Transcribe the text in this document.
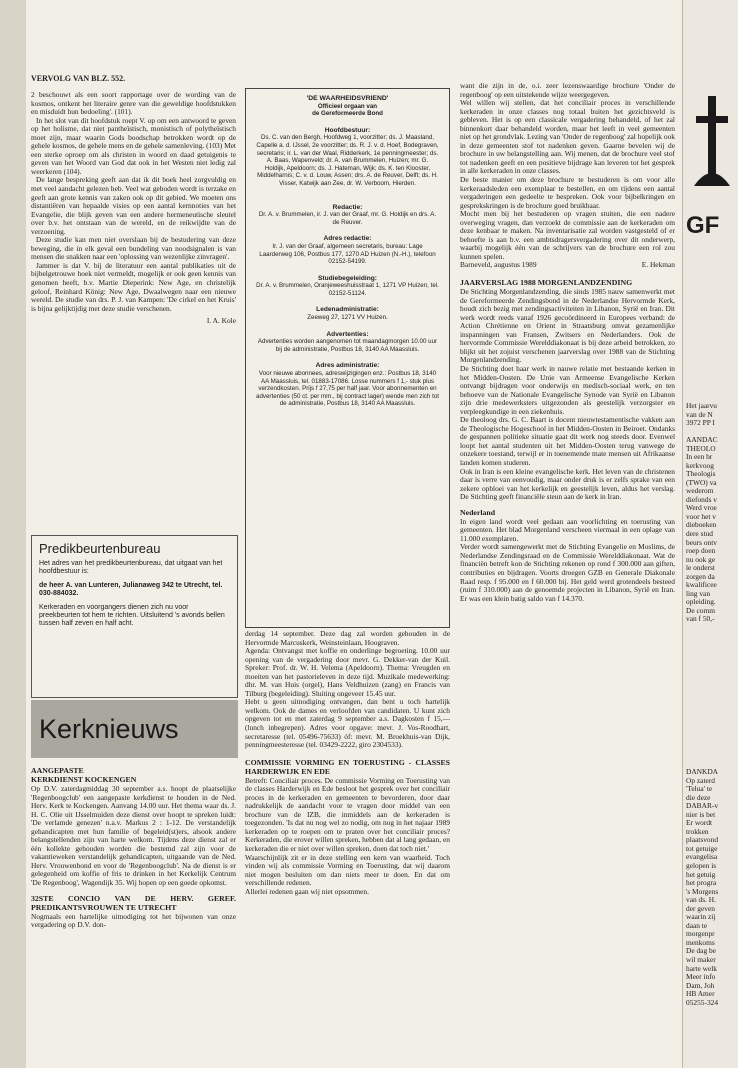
VERVOLG VAN BLZ. 552.

2 beschouwt als een soort rapportage over de wording van de kosmos, ontkent het literaire genre van die geweldige hoofdstukken en misduidt hun bedoeling'. (101).

In het slot van dit hoofdstuk roept V. op om een antwoord te geven op het holisme, dat niet pantheïstisch, monistisch of polytheïstisch moet zijn, maar waarin Gods boodschap betrokken wordt op de gehele kosmos, de gehele mens en de gehele samenleving. (103) Met een sterke oproep om als christen in woord en daad getuigenis te geven van het Woord van God dat ook in het Westen niet ledig zal weerkeren (104).

De lange bespreking geeft aan dat ik dit boek heel zorgvuldig en met veel aandacht gelezen heb. Veel wat geboden wordt is terzake en geeft aan grote kennis van zaken ook op dit gebied. We moeten ons distantiëren van hepaalde visies op een aantal kernnoties van het Evangelie, die blijk geven van een andere hermeneutische sleutel over b.v. het ontstaan van de wereld, en de reikwijdte van de verzoening.

Deze studie kan men niet overslaan bij de bestudering van deze beweging, die in elk geval een bundeling van noodsignalen is van mensen die snakken naar een 'oplossing van wezenlijke zinvragen'.

Jammer is dat V. bij de literatuur een aantal publikaties uit de bijbelgetrouwe hoek niet vermeldt, mogelijk er ook geen kennis van genomen heeft, b.v. Martie Dieperink: New Age, en christelijk geloof, Reinhard König: New Age, Dwaalwegen naar een nieuwe wereld. De studie van drs. P. J. van Kampen: 'De cirkel en het Kruis' is bijna gelijktijdig met deze studie verschenen.

I. A. Kole
Predikbeurtenbureau
Het adres van het predikbeurtenbureau, dat uitgaat van het hoofdbestuur is:
de heer A. van Lunteren, Julianaweg 342 te Utrecht, tel. 030-884032.
Kerkeraden en voorgangers dienen zich nu voor preekbeurten tot hem te richten. Uitsluitend 's avonds bellen tussen half zeven en half acht.
Kerknieuws
AANGEPASTE
KERKDIENST KOCKENGEN

Op D.V. zaterdagmiddag 30 september a.s. hoopt de plaatselijke 'Regenboogclub' een aangepaste kerkdienst te houden in de Ned. Herv. Kerk te Kockengen. Aanvang 14.00 uur. Het thema waar ds. J. H. C. Olie uit IJsselmuiden deze dienst over hoopt te spreken luidt: 'De verlamde genezen' n.a.v. Markus 2 : 1-12. De verstandelijk gehandicapten met hun familie of begeleid(st)ers, alsook andere belangstellenden zijn van harte welkom. Tijdens deze dienst zal er één kollekte gehouden worden die bestemd zal zijn voor de vakantieweken verstandelijk gehandicapten, uitgaande van de Ned. Herv. Vrouwenbond en voor de 'Regenboogclub'. Na de dienst is er gelegenheid om koffie of fris te drinken in het Kerkelijk Centrum 'De Regenboog', Wagendijk 35. Wij hopen op een goede opkomst.

32STE CONCIO VAN DE HERV. GEREF. PREDIKANTSVROUWEN TE UTRECHT

Nogmaals een hartelijke uitnodiging tot het bijwonen van onze vergadering op D.V. don-

'DE WAARHEIDSVRIEND'
Officieel orgaan van
de Gereformeerde Bond
Hoofdbestuur:
Ds. C. van den Bergh, Hoofdweg 1, voorzitter; ds. J. Maasland, Capelle a. d. IJssel, 2e voorzitter; ds. R. J. v. d. Hoef, Bodegraven, secretaris; ir. L. van der Waal, Ridderkerk, 1e penningmeester; ds. A. Baas, Wapenveld; dr. A. van Brummelen, Huizen; mr. G. Holdijk, Apeldoorn; ds. J. Hateman, Wijk; ds. K. ten Klooster, Middelharnis; C. v. d. Louw, Assen; drs. A. de Reuver, Delft; ds. H. Visser, Katwijk aan Zee, dr. W. Verboom, Hierden.
Redactie:
Dr. A. v. Brummelen, ir. J. van der Graaf, mr. G. Holdijk en drs. A. de Reuver.
Adres redactie:
Ir. J. van der Graaf, algemeen secretaris, bureau: Lage Laarderweg 106, Postbus 177, 1270 AD Huizen (N.-H.), telefoon 02152-54199.
Studiebegeleiding:
Dr. A. v. Brummelen, Oranjeweeshuisstraat 1, 1271 VP Huizen, tel. 02152-51124.
Ledenadministratie:
Zeeweg 27, 1271 VV Huizen.
Advertenties:
Advertenties worden aangenomen tot maandagmorgen 10.00 uur bij de administratie, Postbus 18, 3140 AA Maassluis.
Adres administratie:
Voor nieuwe abonnees, adreswijzigingen enz.: Postbus 18, 3140 AA Maassluis, tel. 01883-17086. Losse nummers f 1,- stuk plus verzendkosten. Prijs f 27,75 per half jaar. Voor abonnementen en advertenties (50 ct. per mm., bij contract lager) wende men zich tot de administratie, Postbus 18, 3140 AA Maassluis.

derdag 14 september. Deze dag zal worden gehouden in de Hervormde Marcuskerk, Weinsteinlaan, Hoograven.

Agenda: Ontvangst met koffie en onderlinge begroeting. 10.00 uur opening van de vergadering door mevr. G. Dekker-van der Kuil. Spreker: Prof. dr. W. H. Velema (Apeldoorn). Thema: Vreugden en moeiten van het pastorieleven in deze tijd. Muzikale medewerking: dhr. M. van Huis (orgel), Hans Veldhuizen (zang) en Francis van Tilburg (begeleiding). Sluiting ongeveer 15.45 uur.

Hebt u geen uitnodiging ontvangen, dan bent u toch hartelijk welkom. Ook de dames en verloofden van candidaten. U kunt zich opgeven tot en met zaterdag 9 september a.s. Dagkosten f 15,— (lunch inbegrepen). Adres voor opgave: mevr. J. Vos-Roodhart, secretaresse (tel. 05496-75633) óf: mevr. M. Broekhuis-van Dijk, penningmeesteresse (tel. 03429-2222, giro 2304533).

COMMISSIE VORMING EN TOERUSTING - CLASSES HARDERWIJK EN EDE

Betreft: Conciliair proces. De commissie Vorming en Toerusting van de classes Harderwijk en Ede besloot het gesprek over het conciliair proces in de kerkeraden en gemeenten te bevorderen, door daar nadrukkelijk de aandacht voor te vragen door middel van een brochure van de IZB, die inmiddels aan de kerkeraden is toegezonden. 'Is dat nu nog wel zo nodig, om nog in het najaar 1989 kerkeraden op te roepen om te praten over het conciliair proces? Kerkeraden, die erover willen spreken, hebben dat al lang gedaan, en kerkeraden die er niet over willen spreken, doen dat toch niet.'

Waarschijnlijk zit er in deze stelling een kern van waarheid. Toch vinden wij als commissie Vorming en Toerusting, dat wij daarom niet mogen besluiten om dan niets meer te doen. En dat om verschillende redenen.

Allerlei redenen gaan wij niet opsommen.

want die zijn in de, o.i. zeer lezenswaardige brochure 'Onder de regenboog' op een uitstekende wijze weergegeven.

Wel willen wij stellen, dat het conciliair proces in verschillende kerkeraden in onze classes nog totaal buiten het gezichtsveld is gebleven. Het is op een classicale vergadering behandeld, of het zal binnenkort daar behandeld worden, maar het leeft in veel gemeenten niet op het grondvlak. Lezing van 'Onder de regenboog' zal hopelijk ook in deze gemeenten stof tot nadenken geven. Gaarne bevelen wij de brochure in uw belangstelling aan. Wij menen, dat de brochure veel stof tot nadenken geeft en een positieve bijdrage kan leveren tot het gesprek in alle kerkeraden in onze classes.

De beste manier om deze brochure te bestuderen is om voor alle kerkeraadsleden een exemplaar te bestellen, en om tijdens een aantal vergaderingen een gedeelte te bespreken. Ook voor bijbelkringen en gesprekskringen is de brochure goed bruikbaar.

Mocht men bij het bestuderen op vragen stuiten, die een nadere overweging vragen, dan verzoekt de commissie aan de kerkeraden om deze kenbaar te maken. Na inventarisatie zal worden vastgesteld of er behoefte is aan b.v. een ambtsdragersvergadering over dit onderwerp, waarbij mogelijk één van de schrijvers van de brochure een rol zou kunnen spelen.

Barneveld, augustus 1989	E. Hekman
JAARVERSLAG 1988 MORGENLANDZENDING

De Stichting Morgenlandzending, die sinds 1985 nauw samenwerkt met de Gereformeerde Zendingsbond in de Nederlandse Hervormde Kerk, houdt zich bezig met zendingsactiviteiten in Libanon, Syrië en Iran. Dit werk wordt reeds vanaf 1926 gecoördineerd in Europees verband: de Action Chrétienne en Orient in Straatsburg omvat gezamenlijke inspanningen van Fransen, Zwitsers en Nederlanders. Ook de hervormde Commissie Werelddiakonaat is bij deze arbeid betrokken, zo blijkt uit het zojuist verschenen jaarverslag over 1988 van de Stichting Morgenlandzending.

De Stichting doet haar werk in nauwe relatie met bestaande kerken in het Midden-Oosten. De Unie van Armeense Evangelische Kerken ontvangt bijdragen voor onderwijs en medisch-sociaal werk, en ten behoeve van de Nationale Evangelische Synode van Syrië en Libanon zijn drie medewerksters uitgezonden als geestelijk verzorgster en verpleegkundige in een ziekenhuis.

De theoloog drs. G. C. Baart is docent nieuwtestamentische vakken aan de Theologische Hogeschool in het Midden-Oosten in Beiroet. Ondanks de gespannen politieke situatie gaat dit werk nog steeds door. Evenwel loopt het aantal studenten uit het Midden-Oosten terug vanwege de onzekere toestand, terwijl er in toenemende mate mensen uit Afrikaanse landen komen studeren.

Ook in Iran is een kleine evangelische kerk. Het leven van de christenen daar is verre van eenvoudig, maar onder druk is er zelfs sprake van een zekere opbloei van het kerkelijk en geestelijk leven, aldus het verslag. De Stichting geeft financiële steun aan de kerk in Iran.

Nederland

In eigen land wordt veel gedaan aan voorlichting en toerusting van gemeenten. Het blad Morgenland verscheen viermaal in een oplage van 11.000 exemplaren.

Verder wordt samengewerkt met de Stichting Evangelie en Moslims, de Nederlandse Zendingsraad en de Commissie Werelddiakonaat. Wat de financiën betreft kon de Stichting rekenen op rond f 300.000 aan giften, contributies en bijdragen. Voorts droegen GZB en Generale Diakonale Raad resp. f 95.000 en f 60.000 bij. Het geld werd grotendeels besteed (ruim f 310.000) aan de genoemde projecten in Libanon, Syrië en Iran. Er was een klein batig saldo van f 14.370.

GF
Het jaarvu
van de N
3972 PP I
AANDAC
THEOLO
In een br
kerkvoog
Theologis
(TWO) va
wederom
diefonds v
Werd vroe
voor het v
dieboeken
dere stud
beurs ontv
roep doen
nu ook ge
le onderst
zorgen da
kwalificee
ling van
opleiding.
De comm
van f 50,-
DANKDA
Op zaterd
'Telua' te
die deze
DABAR-v
nier is bet
Er wordt
trokken
plaatsvond
tot getuige
evangelisa
gelopen is
het getuig
het progra
's Morgens
van ds. H.
der geven
waarin zij
daan te
morgenpr
menkoms
De dag be
wil maker
harte welk
Meer info
Dam, Joh
HB Amer
05255-324
